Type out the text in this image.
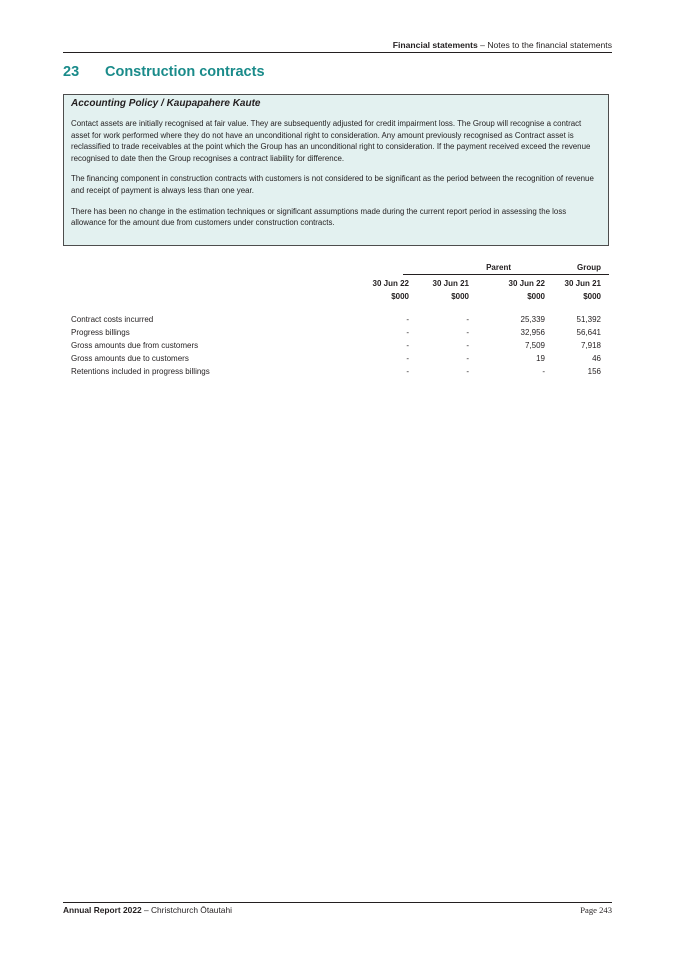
Financial statements – Notes to the financial statements
23 Construction contracts
Accounting Policy / Kaupapahere Kaute

Contact assets are initially recognised at fair value. They are subsequently adjusted for credit impairment loss. The Group will recognise a contract asset for work performed where they do not have an unconditional right to consideration. Any amount previously recognised as Contract asset is reclassified to trade receivables at the point which the Group has an unconditional right to consideration. If the payment received exceed the revenue recognised to date then the Group recognises a contract liability for difference.

The financing component in construction contracts with customers is not considered to be significant as the period between the recognition of revenue and receipt of payment is always less than one year.

There has been no change in the estimation techniques or significant assumptions made during the current report period in assessing the loss allowance for the amount due from customers under construction contracts.

Parent	Group
30 Jun 22	30 Jun 21	30 Jun 22	30 Jun 21
$000	$000	$000	$000
Contract costs incurred	-	-	25,339	51,392
Progress billings	-	-	32,956	56,641
Gross amounts due from customers	-	-	7,509	7,918
Gross amounts due to customers	-	-	19	46
Retentions included in progress billings	-	-	-	156
Annual Report 2022 – Christchurch Ōtautahi	Page 243
